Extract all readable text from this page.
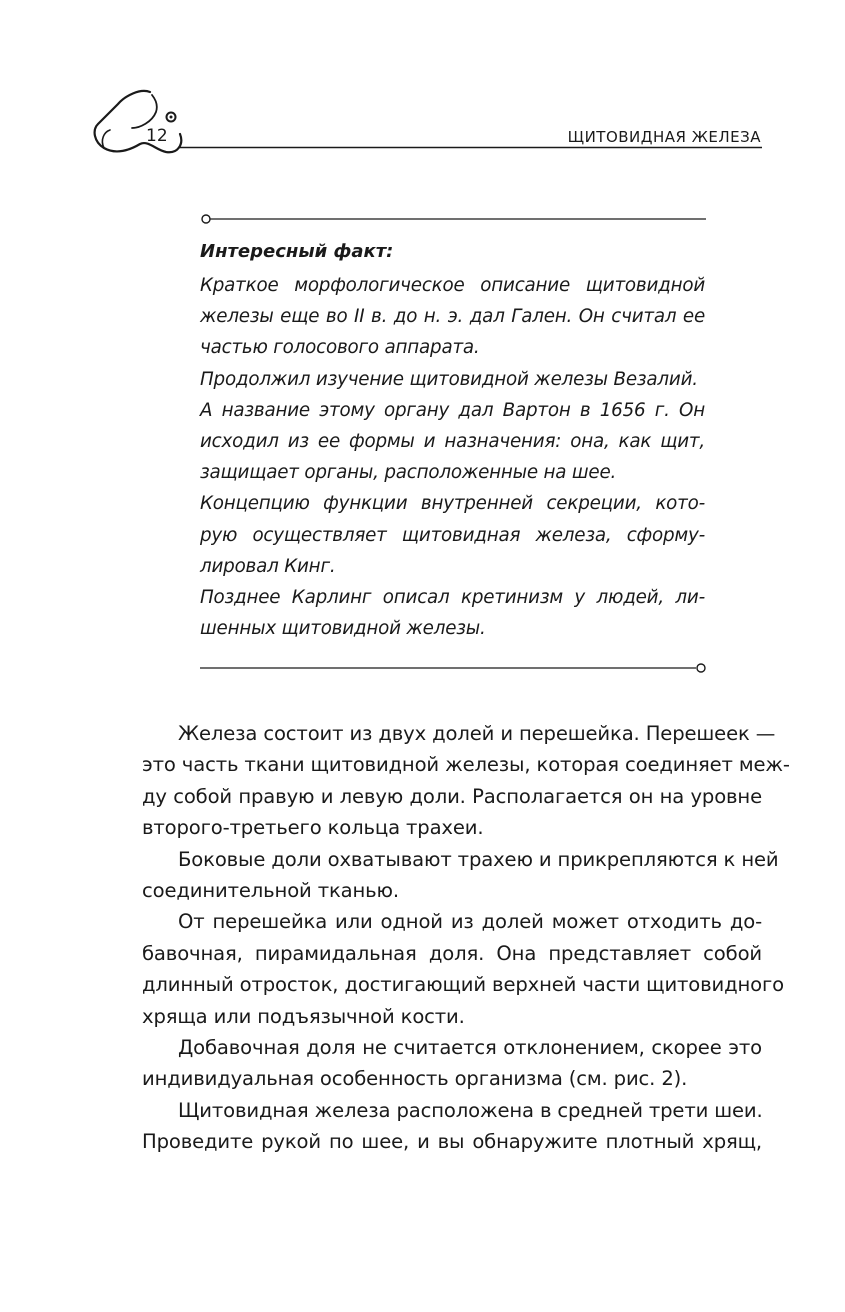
12	ЩИТОВИДНАЯ ЖЕЛЕЗА
Интересный факт:
Краткое морфологическое описание щитовидной
железы еще во II в. до н. э. дал Гален. Он считал ее
частью голосового аппарата.
Продолжил изучение щитовидной железы Везалий.
А название этому органу дал Вартон в 1656 г. Он
исходил из ее формы и назначения: она, как щит,
защищает органы, расположенные на шее.
Концепцию функции внутренней секреции, кото-
рую осуществляет щитовидная железа, сформу-
лировал Кинг.
Позднее Карлинг описал кретинизм у людей, ли-
шенных щитовидной железы.
Железа состоит из двух долей и перешейка. Перешеек —
это часть ткани щитовидной железы, которая соединяет меж-
ду собой правую и левую доли. Располагается он на уровне
второго-третьего кольца трахеи.
Боковые доли охватывают трахею и прикрепляются к ней
соединительной тканью.
От перешейка или одной из долей может отходить до-
бавочная, пирамидальная доля. Она представляет собой
длинный отросток, достигающий верхней части щитовидного
хряща или подъязычной кости.
Добавочная доля не считается отклонением, скорее это
индивидуальная особенность организма (см. рис. 2).
Щитовидная железа расположена в средней трети шеи.
Проведите рукой по шее, и вы обнаружите плотный хрящ,
